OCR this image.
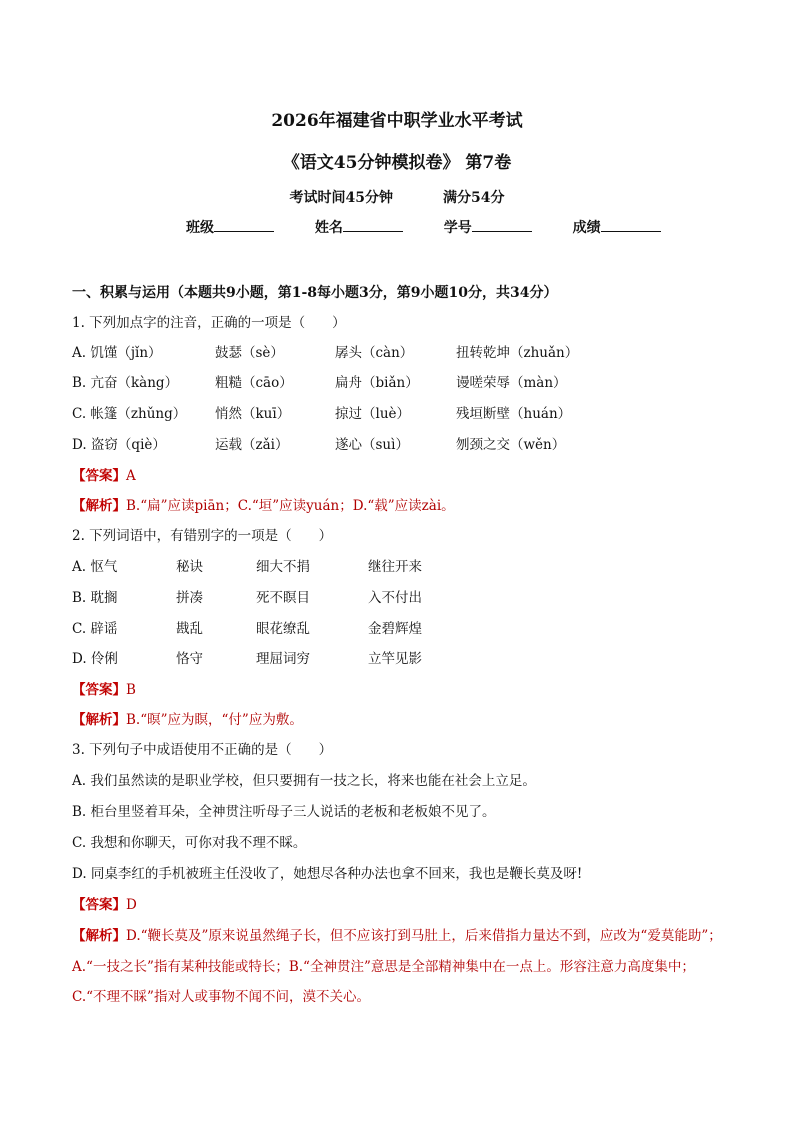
2026年福建省中职学业水平考试
《语文45分钟模拟卷》 第7卷
考试时间45分钟	满分54分
班级	姓名	学号	成绩
一、积累与运用（本题共9小题，第1-8每小题3分，第9小题10分，共34分）
1. 下列加点字的注音，正确的一项是（　　）
A. 饥馑（jǐn）	鼓瑟（sè）	孱头（càn）	扭转乾坤（zhuǎn）
B. 亢奋（kàng）	粗糙（cāo）	扁舟（biǎn）	谩嗟荣辱（màn）
C. 帐篷（zhǔng） 悄然（kuī）	掠过（luè）	残垣断壁（huán）
D. 盗窃（qiè）	运载（zǎi）	遂心（suì）	刎颈之交（wěn）
【答案】A
【解析】B.“扁”应读piān；C.“垣”应读yuán；D.“载”应读zài。
2. 下列词语中，有错别字的一项是（　　）
A. 怄气	秘诀	细大不捐	继往开来
B. 耽搁	拼凑	死不瞑目	入不付出
C. 辟谣	戡乱	眼花缭乱	金碧辉煌
D. 伶俐	恪守	理屈词穷	立竿见影
【答案】B
【解析】B.“暝”应为瞑，“付”应为敷。
3. 下列句子中成语使用不正确的是（　　）
A. 我们虽然读的是职业学校，但只要拥有一技之长，将来也能在社会上立足。
B. 柜台里竖着耳朵，全神贯注听母子三人说话的老板和老板娘不见了。
C. 我想和你聊天，可你对我不理不睬。
D. 同桌李红的手机被班主任没收了，她想尽各种办法也拿不回来，我也是鞭长莫及呀!
【答案】D
【解析】D.“鞭长莫及”原来说虽然绳子长，但不应该打到马肚上，后来借指力量达不到，应改为“爱莫能助”；A.“一技之长”指有某种技能或特长；B.“全神贯注”意思是全部精神集中在一点上。形容注意力高度集中；C.“不理不睬”指对人或事物不闻不问，漠不关心。
